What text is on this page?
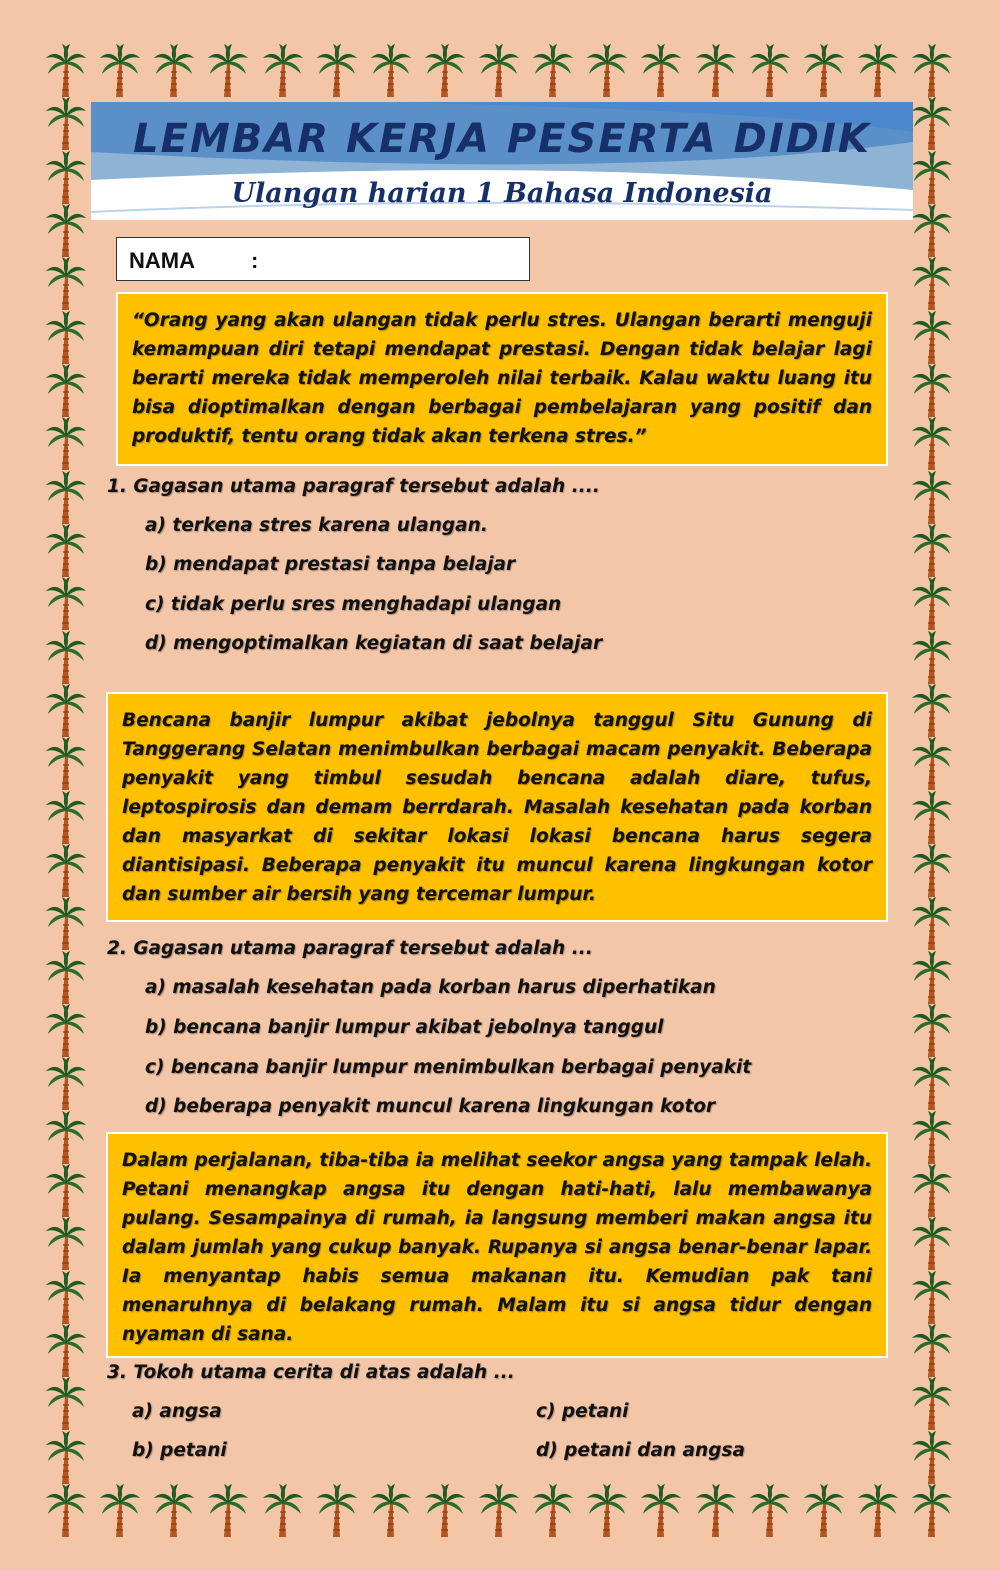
LEMBAR KERJA PESERTA DIDIK
Ulangan harian 1 Bahasa Indonesia
NAMA	:

“Orang yang akan ulangan tidak perlu stres. Ulangan berarti menguji kemampuan diri tetapi mendapat prestasi. Dengan tidak belajar lagi berarti mereka tidak memperoleh nilai terbaik. Kalau waktu luang itu bisa dioptimalkan dengan berbagai pembelajaran yang positif dan produktif, tentu orang tidak akan terkena stres.”

1. Gagasan utama paragraf tersebut adalah ....

a) terkena stres karena ulangan.

b) mendapat prestasi tanpa belajar

c) tidak perlu sres menghadapi ulangan

d) mengoptimalkan kegiatan di saat belajar

Bencana banjir lumpur akibat jebolnya tanggul Situ Gunung di Tanggerang Selatan menimbulkan berbagai macam penyakit. Beberapa penyakit yang timbul sesudah bencana adalah diare, tufus, leptospirosis dan demam berrdarah. Masalah kesehatan pada korban dan masyarkat di sekitar lokasi lokasi bencana harus segera diantisipasi. Beberapa penyakit itu muncul karena lingkungan kotor dan sumber air bersih yang tercemar lumpur.

2. Gagasan utama paragraf tersebut adalah ...

a) masalah kesehatan pada korban harus diperhatikan

b) bencana banjir lumpur akibat jebolnya tanggul

c) bencana banjir lumpur menimbulkan berbagai penyakit

d) beberapa penyakit muncul karena lingkungan kotor

Dalam perjalanan, tiba-tiba ia melihat seekor angsa yang tampak lelah. Petani menangkap angsa itu dengan hati-hati, lalu membawanya pulang. Sesampainya di rumah, ia langsung memberi makan angsa itu dalam jumlah yang cukup banyak. Rupanya si angsa benar-benar lapar. Ia menyantap habis semua makanan itu. Kemudian pak tani menaruhnya di belakang rumah. Malam itu si angsa tidur dengan nyaman di sana.

3. Tokoh utama cerita di atas adalah ...

a) angsa

b) petani

c) petani

d) petani dan angsa
